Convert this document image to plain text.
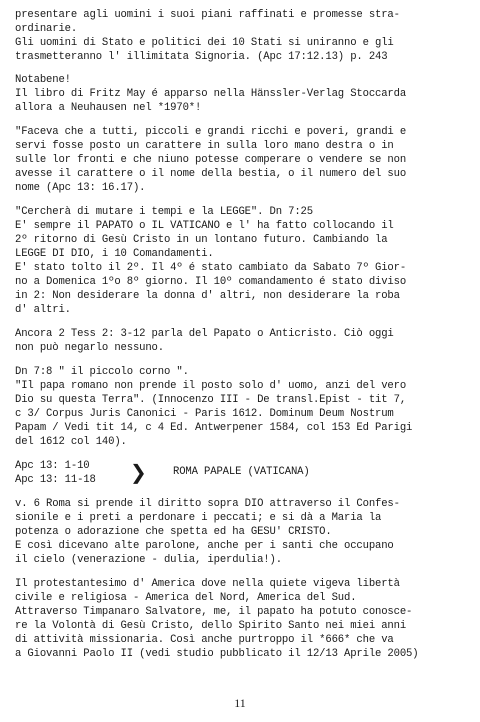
presentare agli uomini i suoi piani raffinati e promesse stra-
ordinarie.
Gli uomini di Stato e politici dei 10 Stati si uniranno e gli
trasmetteranno l' illimitata Signoria. (Apc 17:12.13) p. 243
Notabene!
Il libro di Fritz May é apparso nella Hänssler-Verlag Stoccarda
allora a Neuhausen nel *1970*!
"Faceva che a tutti, piccoli e grandi ricchi e poveri, grandi e
servi fosse posto un carattere in sulla loro mano destra o in
sulle lor fronti e che niuno potesse comperare o vendere se non
avesse il carattere o il nome della bestia, o il numero del suo
nome (Apc 13: 16.17).
"Cercherà di mutare i tempi e la LEGGE". Dn 7:25
E' sempre il PAPATO o IL VATICANO e l' ha fatto collocando il
2º ritorno di Gesù Cristo in un lontano futuro. Cambiando la
LEGGE DI DIO, i 10 Comandamenti.
E' stato tolto il 2º. Il 4º é stato cambiato da Sabato 7º Gior-
no a Domenica 1ºo 8º giorno. Il 10º comandamento é stato diviso
in 2: Non desiderare la donna d' altri, non desiderare la roba
d' altri.
Ancora 2 Tess 2: 3-12 parla del Papato o Anticristo. Ciò oggi
non può negarlo nessuno.
Dn 7:8 " il piccolo corno ".
"Il papa romano non prende il posto solo d' uomo, anzi del vero
Dio su questa Terra". (Innocenzo III - De transl.Epist - tit 7,
c 3/ Corpus Juris Canonici - Paris 1612. Dominum Deum Nostrum
Papam / Vedi tit 14, c 4 Ed. Antwerpener 1584, col 153 Ed Parigi
del 1612 col 140).
Apc 13: 1-10
Apc 13: 11-18 ❯ ROMA PAPALE (VATICANA)
v. 6 Roma si prende il diritto sopra DIO attraverso il Confes-
sionile e i preti a perdonare i peccati; e si dà a Maria la
potenza o adorazione che spetta ed ha GESU' CRISTO.
E così dicevano alte parolone, anche per i santi che occupano
il cielo (venerazione - dulia, iperdulia!).
Il protestantesimo d' America dove nella quiete vigeva libertà
civile e religiosa - America del Nord, America del Sud.
Attraverso Timpanaro Salvatore, me, il papato ha potuto conosce-
re la Volontà di Gesù Cristo, dello Spirito Santo nei miei anni
di attività missionaria. Così anche purtroppo il *666* che va
a Giovanni Paolo II (vedi studio pubblicato il 12/13 Aprile 2005)
11
